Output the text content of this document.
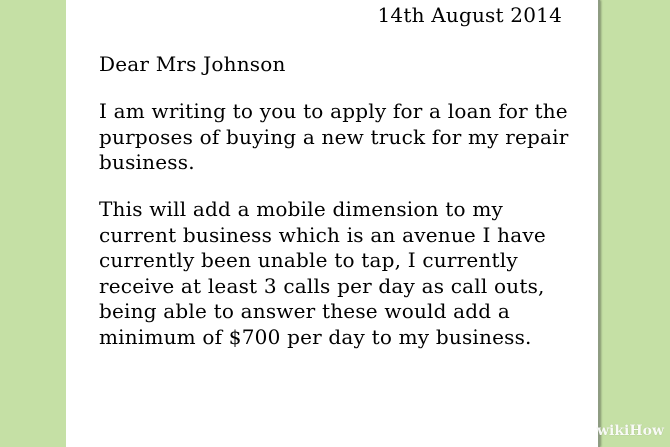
14th August 2014
Dear Mrs Johnson
I am writing to you to apply for a loan for the
purposes of buying a new truck for my repair
business.
This will add a mobile dimension to my
current business which is an avenue I have
currently been unable to tap, I currently
receive at least 3 calls per day as call outs,
being able to answer these would add a
minimum of $700 per day to my business.
wikiHow
